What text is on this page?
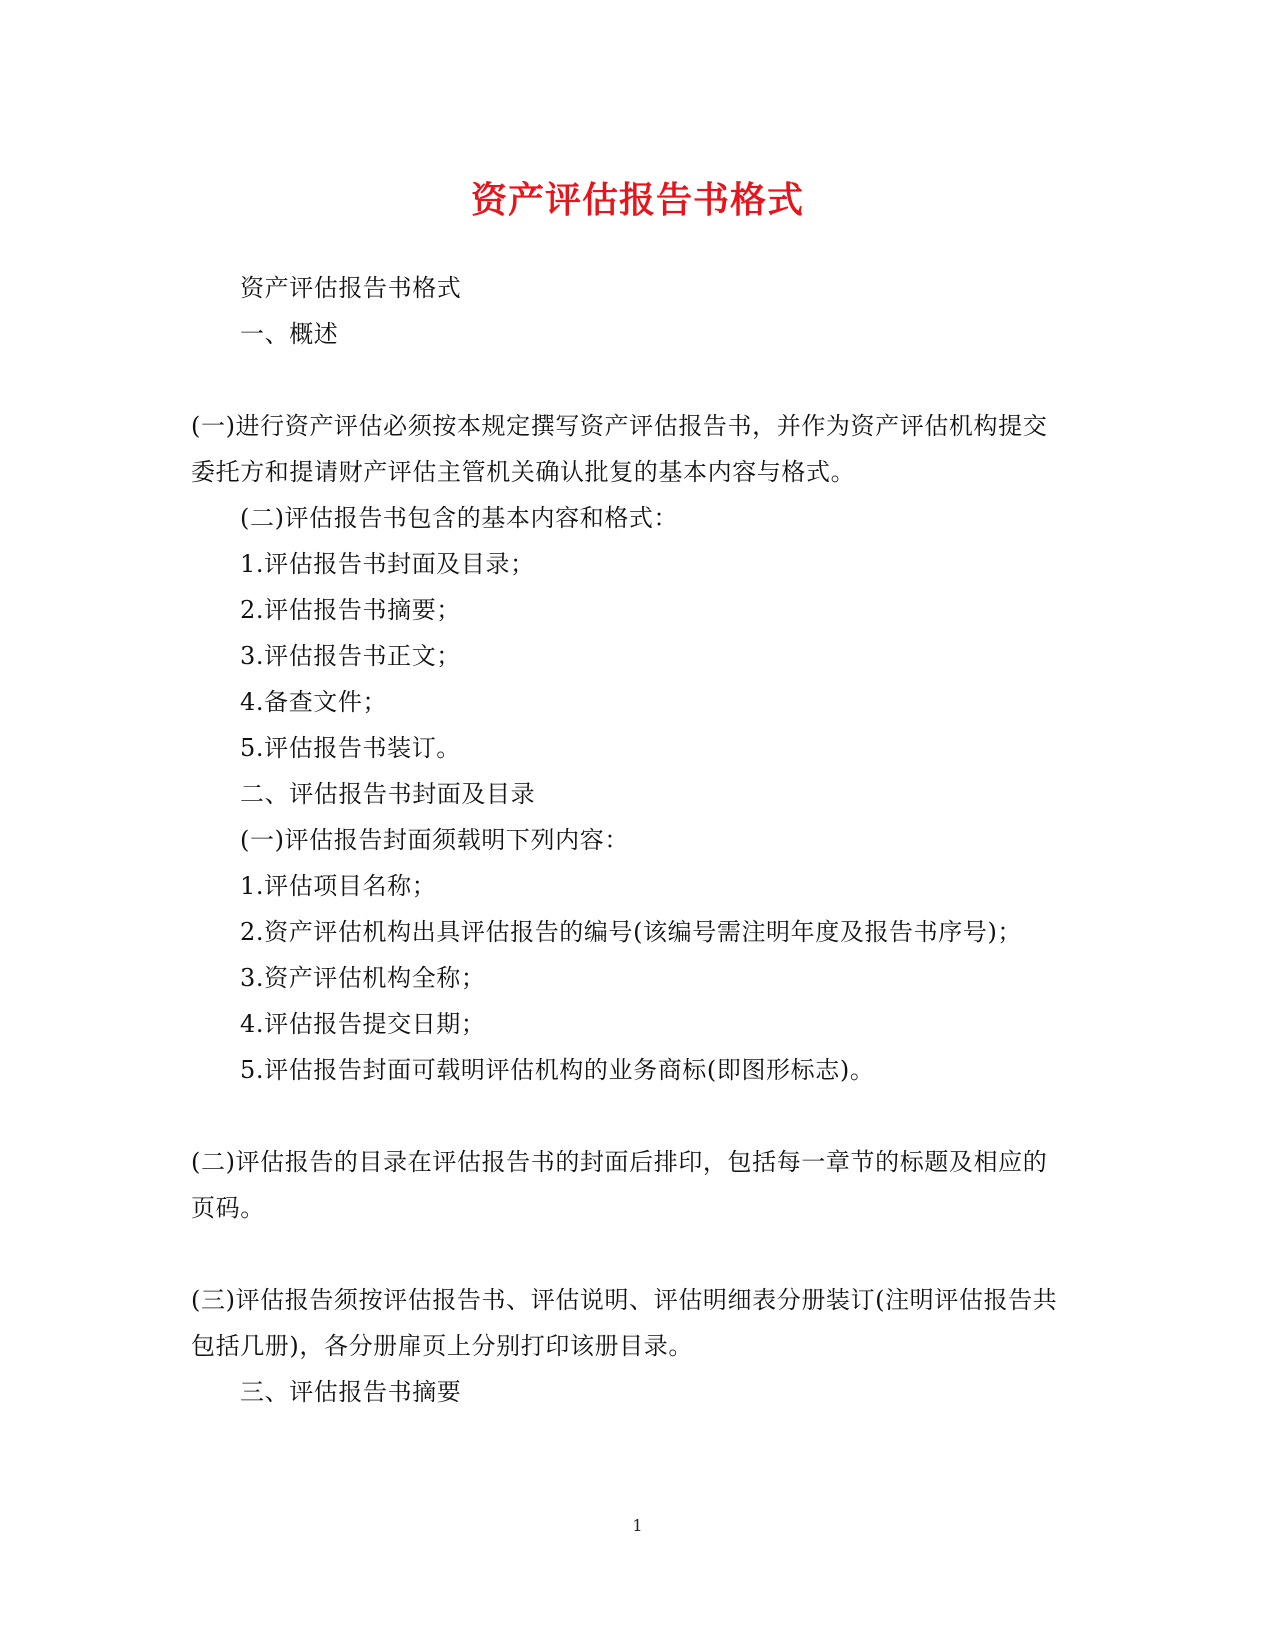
资产评估报告书格式
资产评估报告书格式
一、概述
(一)进行资产评估必须按本规定撰写资产评估报告书，并作为资产评估机构提交
委托方和提请财产评估主管机关确认批复的基本内容与格式。
(二)评估报告书包含的基本内容和格式：
1.评估报告书封面及目录；
2.评估报告书摘要；
3.评估报告书正文；
4.备查文件；
5.评估报告书装订。
二、评估报告书封面及目录
(一)评估报告封面须载明下列内容：
1.评估项目名称；
2.资产评估机构出具评估报告的编号(该编号需注明年度及报告书序号)；
3.资产评估机构全称；
4.评估报告提交日期；
5.评估报告封面可载明评估机构的业务商标(即图形标志)。
(二)评估报告的目录在评估报告书的封面后排印，包括每一章节的标题及相应的
页码。
(三)评估报告须按评估报告书、评估说明、评估明细表分册装订(注明评估报告共
包括几册)，各分册扉页上分别打印该册目录。
三、评估报告书摘要
1
